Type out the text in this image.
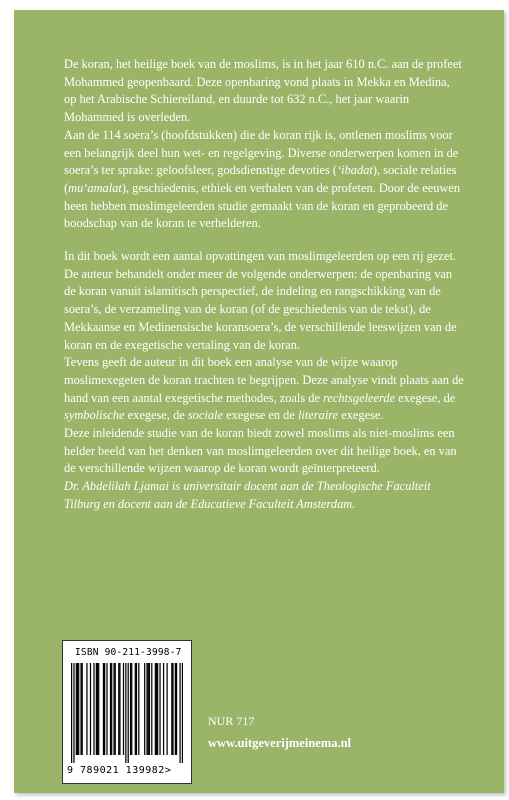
De koran, het heilige boek van de moslims, is in het jaar 610 n.C. aan de profeet Mohammed geopenbaard. Deze openbaring vond plaats in Mekka en Medina, op het Arabische Schiereiland, en duurde tot 632 n.C., het jaar waarin Mohammed is overleden.

Aan de 114 soera’s (hoofdstukken) die de koran rijk is, ontlenen moslims voor een belangrijk deel hun wet- en regelgeving. Diverse onderwerpen komen in de soera’s ter sprake: geloofsleer, godsdienstige devoties (‘ibadat), sociale relaties (mu‘amalat), geschiedenis, ethiek en verhalen van de profeten. Door de eeuwen heen hebben moslimgeleerden studie gemaakt van de koran en geprobeerd de boodschap van de koran te verhelderen.

In dit boek wordt een aantal opvattingen van moslimgeleerden op een rij gezet. De auteur behandelt onder meer de volgende onderwerpen: de openbaring van de koran vanuit islamitisch perspectief, de indeling en rangschikking van de soera’s, de verzameling van de koran (of de geschiedenis van de tekst), de Mekkaanse en Medinensische koransoera’s, de verschillende leeswijzen van de koran en de exegetische vertaling van de koran.

Tevens geeft de auteur in dit boek een analyse van de wijze waarop moslimexegeten de koran trachten te begrijpen. Deze analyse vindt plaats aan de hand van een aantal exegetische methodes, zoals de rechtsgeleerde exegese, de symbolische exegese, de sociale exegese en de literaire exegese.

Deze inleidende studie van de koran biedt zowel moslims als niet-moslims een helder beeld van het denken van moslimgeleerden over dit heilige boek, en van de verschillende wijzen waarop de koran wordt geïnterpreteerd.

Dr. Abdelilah Ljamai is universitair docent aan de Theologische Faculteit Tilburg en docent aan de Educatieve Faculteit Amsterdam.

ISBN 90-211-3998-7
9 789021 139982>
NUR 717
www.uitgeverijmeinema.nl
